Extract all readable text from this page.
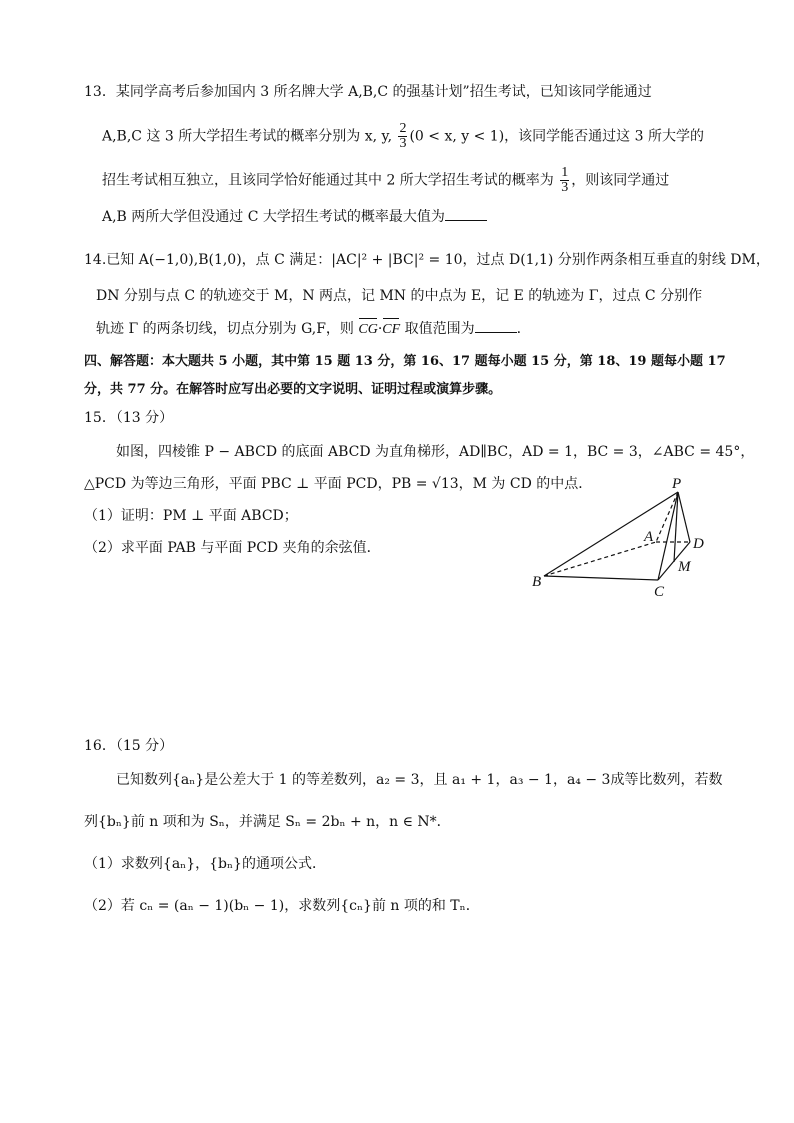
13．某同学高考后参加国内 3 所名牌大学 A,B,C 的强基计划”招生考试，已知该同学能通过
A,B,C 这 3 所大学招生考试的概率分别为 x, y, $\frac{2}{3} (0 < x$, y < 1)，该同学能否通过这 3 所大学的
招生考试相互独立，且该同学恰好能通过其中 2 所大学招生考试的概率为 $\frac{1}{3}$ ，则该同学通过
A,B 两所大学但没通过 C 大学招生考试的概率最大值为
14.已知 A(−1,0),B(1,0)，点 C 满足：|AC|² + |BC|² = 10，过点 D(1,1) 分别作两条相互垂直的射线 DM，
DN 分别与点 C 的轨迹交于 M，N 两点，记 MN 的中点为 E，记 E 的轨迹为 Γ，过点 C 分别作
轨迹 Γ 的两条切线，切点分别为 G,F，则 CG·CF 取值范围为	.
四、解答题：本大题共 5 小题，其中第 15 题 13 分，第 16、17 题每小题 15 分，第 18、19 题每小题 17
分，共 77 分。在解答时应写出必要的文字说明、证明过程或演算步骤。
15．（13 分）
如图，四棱锥 P − ABCD 的底面 ABCD 为直角梯形，AD∥BC，AD = 1，BC = 3，∠ABC = 45°，
△PCD 为等边三角形，平面 PBC ⊥ 平面 PCD，PB = √13，M 为 CD 的中点．
（1）证明：PM ⊥ 平面 ABCD；
（2）求平面 PAB 与平面 PCD 夹角的余弦值．
P
A	D
M
B
C
16．（15 分）
已知数列{aₙ}是公差大于 1 的等差数列，a₂ = 3，且 a₁ + 1，a₃ − 1，a₄ − 3成等比数列，若数
列{bₙ}前 n 项和为 Sₙ，并满足 Sₙ = 2bₙ + n，n ∈ N*．
（1）求数列{aₙ}，{bₙ}的通项公式．
（2）若 cₙ = (aₙ − 1)(bₙ − 1)，求数列{cₙ}前 n 项的和 Tₙ．
